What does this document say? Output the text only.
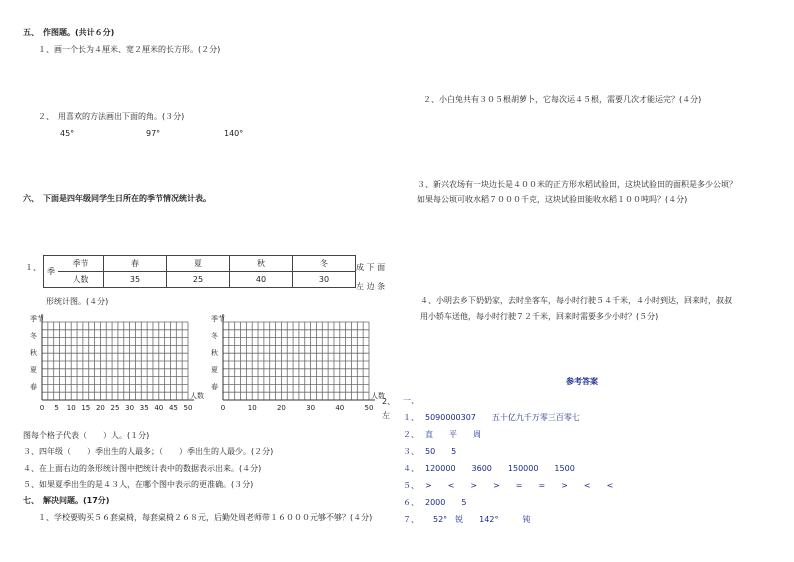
五、　作图题。(共计６分)
１、画一个长为４厘米、宽２厘米的长方形。(２分)
２、　用喜欢的方法画出下面的角。(３分)
45°	97°	140°
六、　下面是四年级同学生日所在的季节情况统计表。
１、 季	季节	春	夏	秋	冬
	人数	35	25	40	30
成 下 面
左 边 条
形统计图。(４分)
季节
冬
秋
夏
春
0 5 10 15 20 25 30 35 40 45 50
人数
季节
冬
秋
夏
春
0	10	20	30	40	50
人数
2、
左
图每个格子代表（　　）人。(１分)
３、四年级（　　）季出生的人最多；（　　）季出生的人最少。(２分)
４、在上面右边的条形统计图中把统计表中的数据表示出来。(４分)
５、如果夏季出生的是４３人，在哪个图中表示的更准确。(３分)
七、　解决问题。(17分)
１、学校要购买５６套桌椅，每套桌椅２６８元，后勤处周老师带１６０００元够不够？(４分)
２、小白兔共有３０５根胡萝卜，它每次运４５根，需要几次才能运完？(４分)
３、新兴农场有一块边长是４００米的正方形水稻试验田，这块试验田的面积是多少公顷？
如果每公顷可收水稻７０００千克，这块试验田能收水稻１００吨吗？(４分)
４、小明去乡下奶奶家，去时坐客车，每小时行驶５４千米，４小时到达，回来时，叔叔
用小轿车送他，每小时行驶７２千米，回来时需要多少小时？(５分)
参考答案
一、
１、 5090000307　　五十亿九千万零三百零七
２、 直　　平　　周
３、 50　　5
４、 120000　　3600　　150000　　1500
５、 >　　<　　>　　>　　=　　=　　>　　<　　<
６、 2000　　5
７、 　52°　锐　　142°　　　钝
